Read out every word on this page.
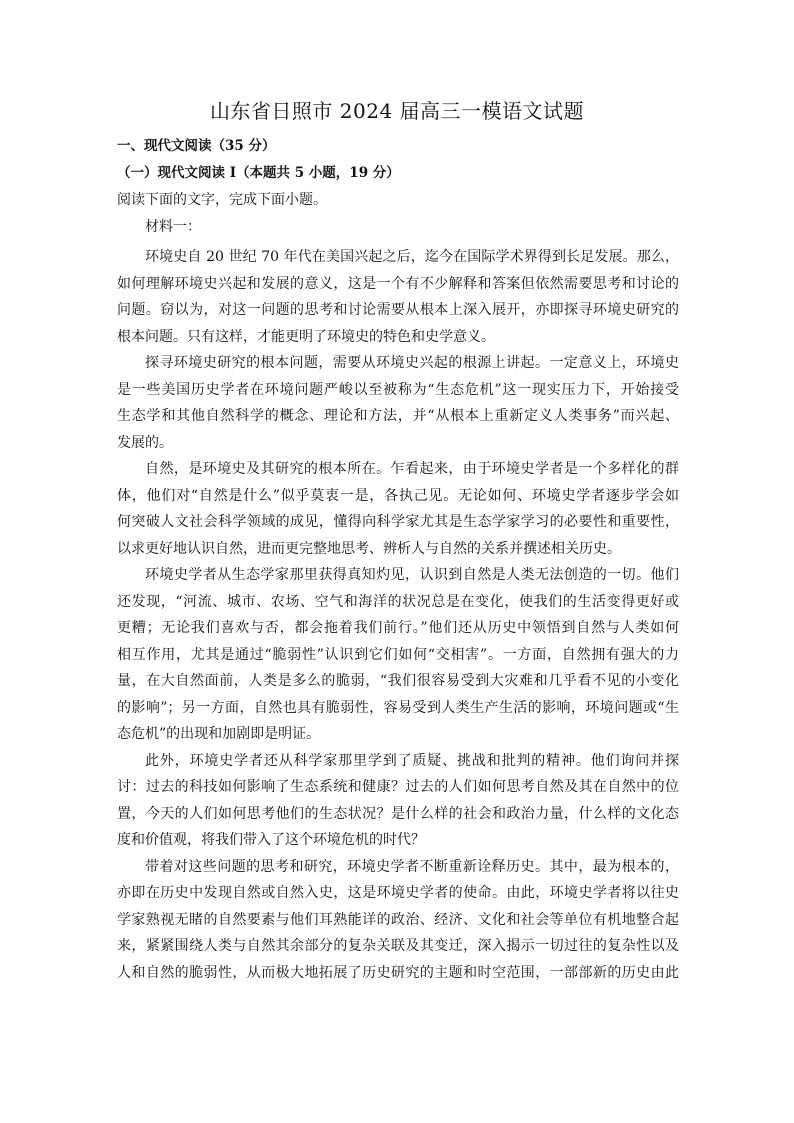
山东省日照市 2024 届高三一模语文试题
一、现代文阅读（35 分）
（一）现代文阅读 I（本题共 5 小题，19 分）
阅读下面的文字，完成下面小题。
材料一：
环境史自 20 世纪 70 年代在美国兴起之后，迄今在国际学术界得到长足发展。那么，
如何理解环境史兴起和发展的意义，这是一个有不少解释和答案但依然需要思考和讨论的
问题。窃以为，对这一问题的思考和讨论需要从根本上深入展开，亦即探寻环境史研究的
根本问题。只有这样，才能更明了环境史的特色和史学意义。
探寻环境史研究的根本问题，需要从环境史兴起的根源上讲起。一定意义上，环境史
是一些美国历史学者在环境问题严峻以至被称为“生态危机”这一现实压力下，开始接受
生态学和其他自然科学的概念、理论和方法，并“从根本上重新定义人类事务”而兴起、
发展的。
自然，是环境史及其研究的根本所在。乍看起来，由于环境史学者是一个多样化的群
体，他们对“自然是什么”似乎莫衷一是，各执己见。无论如何、环境史学者逐步学会如
何突破人文社会科学领域的成见，懂得向科学家尤其是生态学家学习的必要性和重要性，
以求更好地认识自然，进而更完整地思考、辨析人与自然的关系并撰述相关历史。
环境史学者从生态学家那里获得真知灼见，认识到自然是人类无法创造的一切。他们
还发现，“河流、城市、农场、空气和海洋的状况总是在变化，使我们的生活变得更好或
更糟；无论我们喜欢与否，都会拖着我们前行。”他们还从历史中领悟到自然与人类如何
相互作用，尤其是通过“脆弱性”认识到它们如何“交相害”。一方面，自然拥有强大的力
量，在大自然面前，人类是多么的脆弱，“我们很容易受到大灾难和几乎看不见的小变化
的影响”；另一方面，自然也具有脆弱性，容易受到人类生产生活的影响，环境问题或“生
态危机”的出现和加剧即是明证。
此外，环境史学者还从科学家那里学到了质疑、挑战和批判的精神。他们询问并探
讨：过去的科技如何影响了生态系统和健康？过去的人们如何思考自然及其在自然中的位
置，今天的人们如何思考他们的生态状况？是什么样的社会和政治力量，什么样的文化态
度和价值观，将我们带入了这个环境危机的时代？
带着对这些问题的思考和研究，环境史学者不断重新诠释历史。其中，最为根本的，
亦即在历史中发现自然或自然入史，这是环境史学者的使命。由此，环境史学者将以往史
学家熟视无睹的自然要素与他们耳熟能详的政治、经济、文化和社会等单位有机地整合起
来，紧紧围绕人类与自然其余部分的复杂关联及其变迁，深入揭示一切过往的复杂性以及
人和自然的脆弱性，从而极大地拓展了历史研究的主题和时空范围，一部部新的历史由此
